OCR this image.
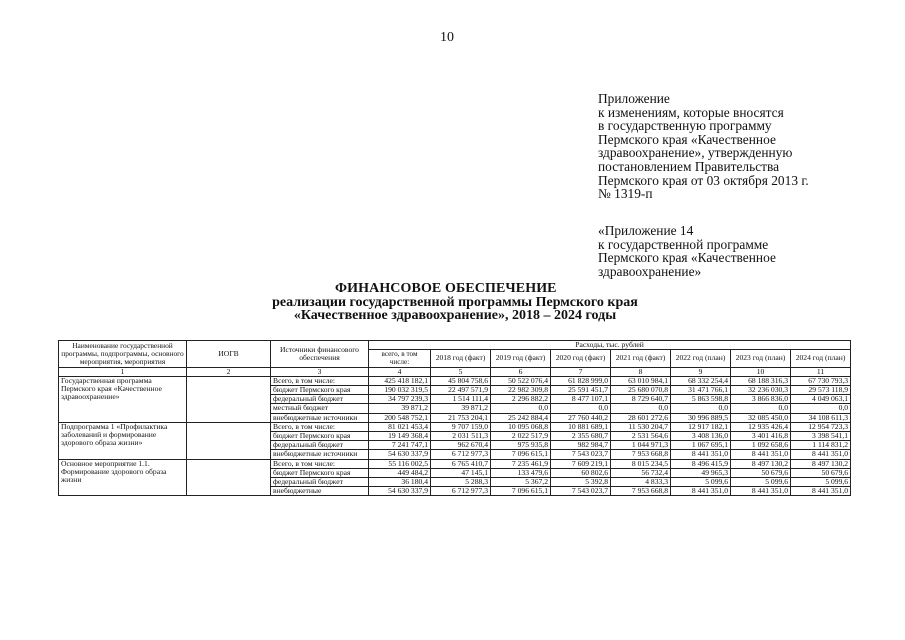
10
Приложение
к изменениям, которые вносятся
в государственную программу
Пермского края «Качественное
здравоохранение», утвержденную
постановлением Правительства
Пермского края от 03 октября 2013 г.
№ 1319-п
«Приложение 14
к государственной программе
Пермского края «Качественное
здравоохранение»
ФИНАНСОВОЕ ОБЕСПЕЧЕНИЕ
реализации государственной программы Пермского края
«Качественное здравоохранение», 2018 – 2024 годы
Наименование государственной программы, подпрограммы, основного мероприятия, мероприятия	ИОГВ	Источники финансового обеспечения	Расходы, тыс. рублей							
			всего, в том числе:	2018 год (факт)	2019 год (факт)	2020 год (факт)	2021 год (факт)	2022 год (план)	2023 год (план)	2024 год (план)
1	2	3	4	5	6	7	8	9	10	11
Государственная программа Пермского края «Качественное здравоохранение»		Всего, в том числе:	425 418 182,1	45 804 758,6	50 522 076,4	61 828 999,0	63 010 984,1	68 332 254,4	68 188 316,3	67 730 793,3
		бюджет Пермского края	190 032 319,5	22 497 571,9	22 982 309,8	25 591 451,7	25 680 070,8	31 471 766,1	32 236 030,3	29 573 118,9
		федеральный бюджет	34 797 239,3	1 514 111,4	2 296 882,2	8 477 107,1	8 729 640,7	5 863 598,8	3 866 836,0	4 049 063,1
		местный бюджет	39 871,2	39 871,2	0,0	0,0	0,0	0,0	0,0	0,0
		внебюджетные источники	200 548 752,1	21 753 204,1	25 242 884,4	27 760 440,2	28 601 272,6	30 996 889,5	32 085 450,0	34 108 611,3
Подпрограмма 1 «Профилактика заболеваний и формирование здорового образа жизни»		Всего, в том числе:	81 021 453,4	9 707 159,0	10 095 068,8	10 881 689,1	11 530 204,7	12 917 182,1	12 935 426,4	12 954 723,3
		бюджет Пермского края	19 149 368,4	2 031 511,3	2 022 517,9	2 355 680,7	2 531 564,6	3 408 136,0	3 401 416,8	3 398 541,1
		федеральный бюджет	7 241 747,1	962 670,4	975 935,8	982 984,7	1 044 971,3	1 067 695,1	1 092 658,6	1 114 831,2
		внебюджетные источники	54 630 337,9	6 712 977,3	7 096 615,1	7 543 023,7	7 953 668,8	8 441 351,0	8 441 351,0	8 441 351,0
Основное мероприятие 1.1. Формирование здорового образа жизни		Всего, в том числе:	55 116 002,5	6 765 410,7	7 235 461,9	7 609 219,1	8 015 234,5	8 496 415,9	8 497 130,2	8 497 130,2
		бюджет Пермского края	449 484,2	47 145,1	133 479,6	60 802,6	56 732,4	49 965,3	50 679,6	50 679,6
		федеральный бюджет	36 180,4	5 288,3	5 367,2	5 392,8	4 833,3	5 099,6	5 099,6	5 099,6
		внебюджетные	54 630 337,9	6 712 977,3	7 096 615,1	7 543 023,7	7 953 668,8	8 441 351,0	8 441 351,0	8 441 351,0
